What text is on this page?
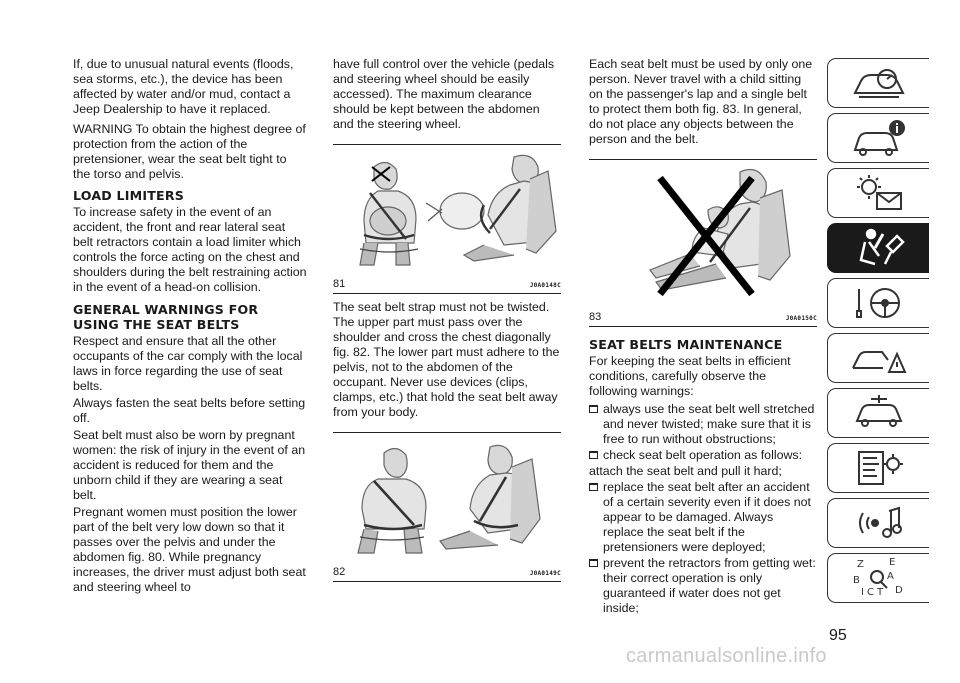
If, due to unusual natural events (floods, sea storms, etc.), the device has been affected by water and/or mud, contact a Jeep Dealership to have it replaced.

WARNING To obtain the highest degree of protection from the action of the pretensioner, wear the seat belt tight to the torso and pelvis.

LOAD LIMITERS

To increase safety in the event of an accident, the front and rear lateral seat belt retractors contain a load limiter which controls the force acting on the chest and shoulders during the belt restraining action in the event of a head-on collision.

GENERAL WARNINGS FOR
USING THE SEAT BELTS

Respect and ensure that all the other occupants of the car comply with the local laws in force regarding the use of seat belts.

Always fasten the seat belts before setting off.

Seat belt must also be worn by pregnant women: the risk of injury in the event of an accident is reduced for them and the unborn child if they are wearing a seat belt.

Pregnant women must position the lower part of the belt very low down so that it passes over the pelvis and under the abdomen fig. 80. While pregnancy increases, the driver must adjust both seat and steering wheel to

have full control over the vehicle (pedals and steering wheel should be easily accessed). The maximum clearance should be kept between the abdomen and the steering wheel.

81	J0A0148C

The seat belt strap must not be twisted. The upper part must pass over the shoulder and cross the chest diagonally fig. 82. The lower part must adhere to the pelvis, not to the abdomen of the occupant. Never use devices (clips, clamps, etc.) that hold the seat belt away from your body.

82	J0A0149C

Each seat belt must be used by only one person. Never travel with a child sitting on the passenger's lap and a single belt to protect them both fig. 83. In general, do not place any objects between the person and the belt.

83	J0A0150C
SEAT BELTS MAINTENANCE

For keeping the seat belts in efficient conditions, carefully observe the following warnings:

always use the seat belt well stretched and never twisted; make sure that it is free to run without obstructions;
check seat belt operation as follows:
attach the seat belt and pull it hard;
replace the seat belt after an accident of a certain severity even if it does not appear to be damaged. Always replace the seat belt if the pretensioners were deployed;
prevent the retractors from getting wet: their correct operation is only guaranteed if water does not get inside;
Z	E
B	A
C D
I T
95
carmanualsonline.info
